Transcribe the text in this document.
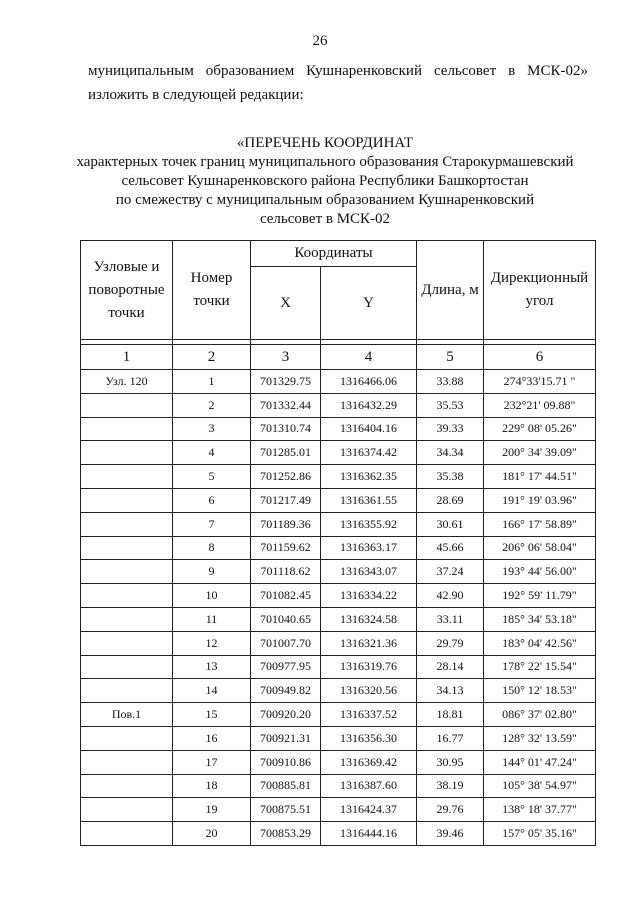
26
муниципальным образованием Кушнаренковский сельсовет в МСК-02»
изложить в следующей редакции:
«ПЕРЕЧЕНЬ КООРДИНАТ
характерных точек границ муниципального образования Старокурмашевский
сельсовет Кушнаренковского района Республики Башкортостан
по смежеству с муниципальным образованием Кушнаренковский
сельсовет в МСК-02
Узловые и поворотные точки	Номер точки	Координаты		Длина, м	Дирекционный угол
		X	Y		

1	2	3	4	5	6
Узл. 120	1	701329.75	1316466.06	33.88	274°33'15.71 "
	2	701332.44	1316432.29	35.53	232°21' 09.88"
	3	701310.74	1316404.16	39.33	229° 08' 05.26"
	4	701285.01	1316374.42	34.34	200° 34' 39.09"
	5	701252.86	1316362.35	35.38	181° 17' 44.51"
	6	701217.49	1316361.55	28.69	191° 19' 03.96"
	7	701189.36	1316355.92	30.61	166° 17' 58.89"
	8	701159.62	1316363.17	45.66	206° 06' 58.04"
	9	701118.62	1316343.07	37.24	193° 44' 56.00"
	10	701082.45	1316334.22	42.90	192° 59' 11.79"
	11	701040.65	1316324.58	33.11	185° 34' 53.18"
	12	701007.70	1316321.36	29.79	183° 04' 42.56"
	13	700977.95	1316319.76	28.14	178° 22' 15.54"
	14	700949.82	1316320.56	34.13	150° 12' 18.53"
Пов.1	15	700920.20	1316337.52	18.81	086° 37' 02.80"
	16	700921.31	1316356.30	16.77	128° 32' 13.59"
	17	700910.86	1316369.42	30.95	144° 01' 47.24"
	18	700885.81	1316387.60	38.19	105° 38' 54.97"
	19	700875.51	1316424.37	29.76	138° 18' 37.77"
	20	700853.29	1316444.16	39.46	157° 05' 35.16"
